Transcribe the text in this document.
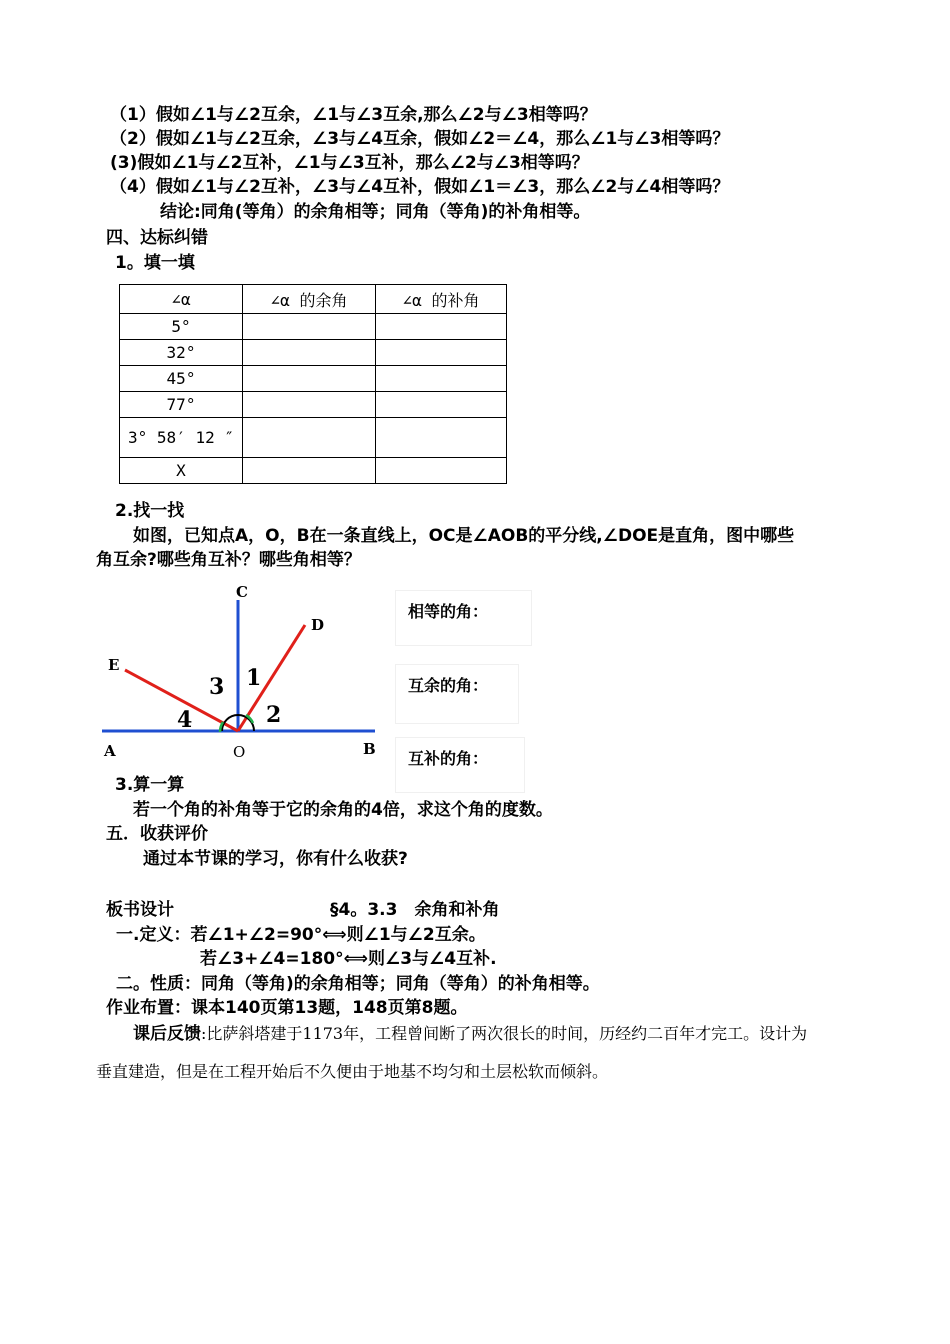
（1）假如∠1与∠2互余，∠1与∠3互余,那么∠2与∠3相等吗？
（2）假如∠1与∠2互余，∠3与∠4互余，假如∠2＝∠4，那么∠1与∠3相等吗？
(3)假如∠1与∠2互补，∠1与∠3互补，那么∠2与∠3相等吗？
（4）假如∠1与∠2互补，∠3与∠4互补，假如∠1＝∠3，那么∠2与∠4相等吗？
结论:同角(等角）的余角相等；同角（等角)的补角相等。
四、达标纠错
1。填一填
∠α	∠α 的余角	∠α 的补角
5°		
32°		
45°		
77°		
3° 58′ 12 ″		
X		
2.找一找
如图，已知点A，O，B在一条直线上，OC是∠AOB的平分线,∠DOE是直角，图中哪些
角互余?哪些角互补？哪些角相等？
C
D
E
A	B
O
1
2
3
4
相等的角：
互余的角：
互补的角：
3.算一算
若一个角的补角等于它的余角的4倍，求这个角的度数。
五．收获评价
通过本节课的学习，你有什么收获?
板书设计	§4。3.3　余角和补角
一.定义：若∠1+∠2=90°⟺则∠1与∠2互余。
若∠3+∠4=180°⟺则∠3与∠4互补.
二。性质：同角（等角)的余角相等；同角（等角）的补角相等。
作业布置：课本140页第13题，148页第8题。
课后反馈:比萨斜塔建于1173年，工程曾间断了两次很长的时间，历经约二百年才完工。设计为
垂直建造，但是在工程开始后不久便由于地基不均匀和土层松软而倾斜。
